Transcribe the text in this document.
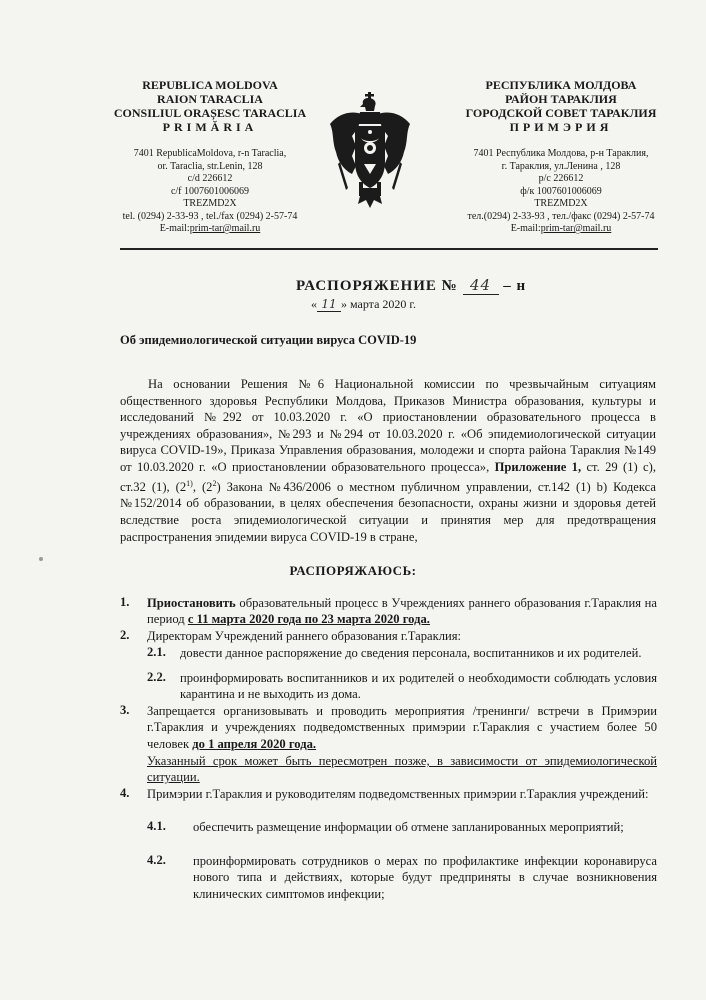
REPUBLICA MOLDOVA
RAION TARACLIA
CONSILIUL ORAȘESC TARACLIA
PRIMĂRIA
7401 RepublicaMoldova, r-n Taraclia,
or. Taraclia, str.Lenin, 128
c/d 226612
c/f 1007601006069
TREZMD2X
tel. (0294) 2-33-93 , tel./fax (0294) 2-57-74
E-mail:prim-tar@mail.ru
РЕСПУБЛИКА МОЛДОВА
РАЙОН ТАРАКЛИЯ
ГОРОДСКОЙ СОВЕТ ТАРАКЛИЯ
ПРИМЭРИЯ
7401 Республика Молдова, р-н Тараклия,
г. Тараклия, ул.Ленина , 128
р/с 226612
ф/к 1007601006069
TREZMD2X
тел.(0294) 2-33-93 , тел./факс (0294) 2-57-74
E-mail:prim-tar@mail.ru
РАСПОРЯЖЕНИЕ № 44 – н
« 11 » марта 2020 г.
Об эпидемиологической ситуации вируса COVID-19
На основании Решения №6 Национальной комиссии по чрезвычайным ситуациям общественного здоровья Республики Молдова, Приказов Министра образования, культуры и исследований №292 от 10.03.2020 г. «О приостановлении образовательного процесса в учреждениях образования», №293 и №294 от 10.03.2020 г. «Об эпидемиологической ситуации вируса COVID-19», Приказа Управления образования, молодежи и спорта района Тараклия №149 от 10.03.2020 г. «О приостановлении образовательного процесса», Приложение 1, ст. 29 (1) с), ст.32 (1), (2$^{1)}$, $(2^2)$ Закона №436/2006 о местном публичном управлении, ст.142 (1) b) Кодекса №152/2014 об образовании, в целях обеспечения безопасности, охраны жизни и здоровья детей вследствие роста эпидемиологической ситуации и принятия мер для предотвращения распространения эпидемии вируса COVID-19 в стране,
РАСПОРЯЖАЮСЬ:
1. Приостановить образовательный процесс в Учреждениях раннего образования г.Тараклия на период с 11 марта 2020 года по 23 марта 2020 года.
2. Директорам Учреждений раннего образования г.Тараклия:
2.1. довести данное распоряжение до сведения персонала, воспитанников и их родителей.
2.2. проинформировать воспитанников и их родителей о необходимости соблюдать условия карантина и не выходить из дома.
3. Запрещается организовывать и проводить мероприятия /тренинги/ встречи в Примэрии г.Тараклия и учреждениях подведомственных примэрии г.Тараклия с участием более 50 человек до 1 апреля 2020 года.
Указанный срок может быть пересмотрен позже, в зависимости от эпидемиологической ситуации.
4. Примэрии г.Тараклия и руководителям подведомственных примэрии г.Тараклия учреждений:
4.1. обеспечить размещение информации об отмене запланированных мероприятий;
4.2. проинформировать сотрудников о мерах по профилактике инфекции коронавируса нового типа и действиях, которые будут предприняты в случае возникновения клинических симптомов инфекции;
